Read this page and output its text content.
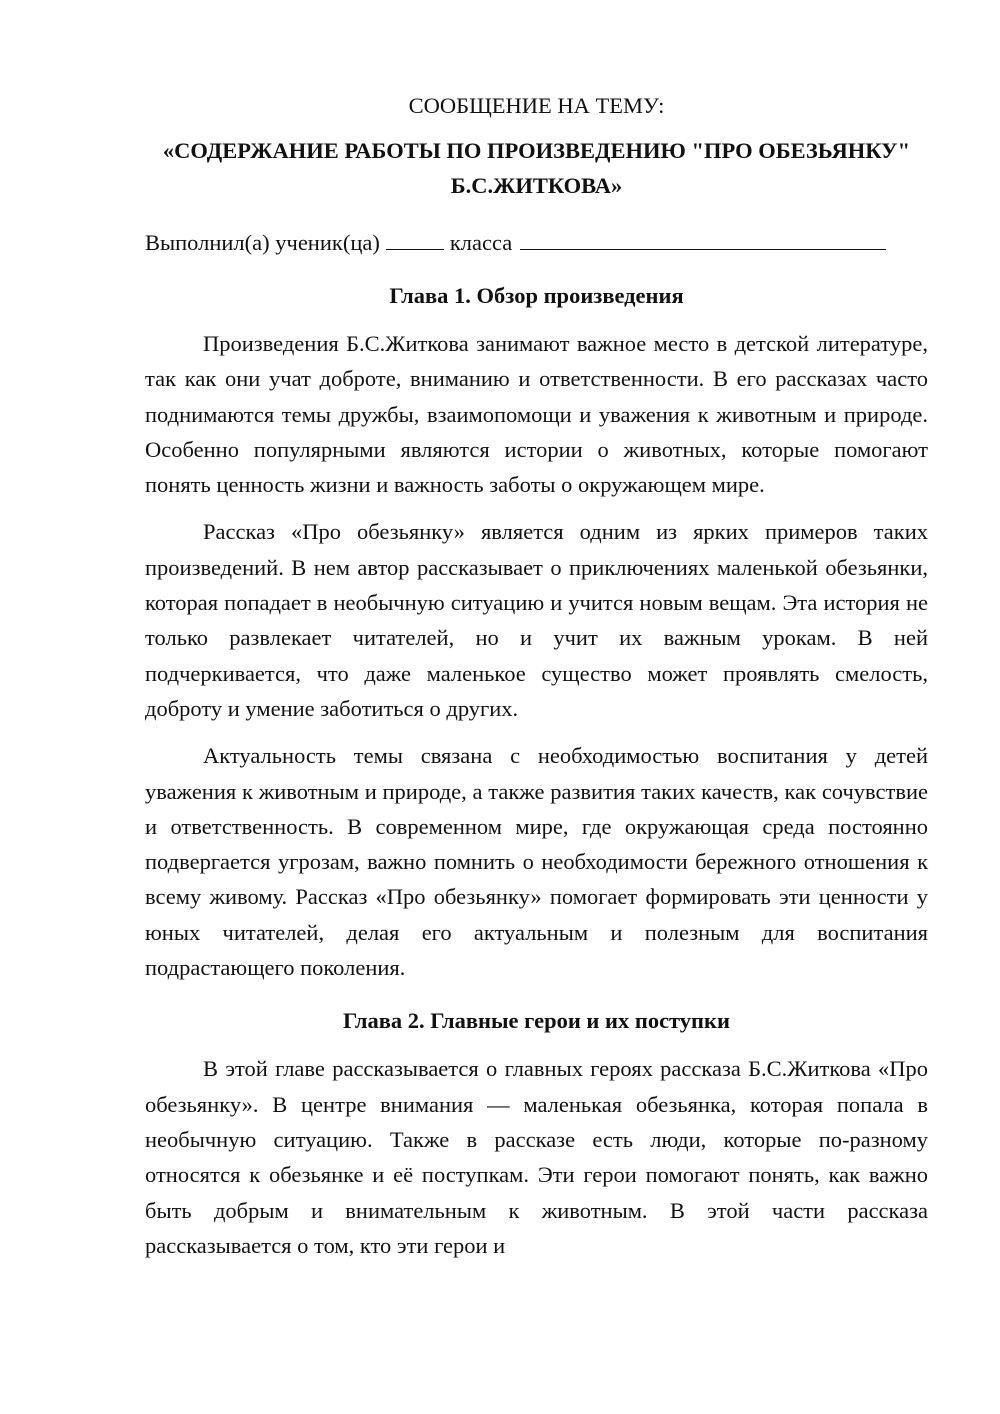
СООБЩЕНИЕ НА ТЕМУ:

«СОДЕРЖАНИЕ РАБОТЫ ПО ПРОИЗВЕДЕНИЮ "ПРО ОБЕЗЬЯНКУ" Б.С.ЖИТКОВА»

Выполнил(а) ученик(ца)	класса

Глава 1. Обзор произведения

Произведения Б.С.Житкова занимают важное место в детской литературе, так как они учат доброте, вниманию и ответственности. В его рассказах часто поднимаются темы дружбы, взаимопомощи и уважения к животным и природе. Особенно популярными являются истории о животных, которые помогают понять ценность жизни и важность заботы о окружающем мире.

Рассказ «Про обезьянку» является одним из ярких примеров таких произведений. В нем автор рассказывает о приключениях маленькой обезьянки, которая попадает в необычную ситуацию и учится новым вещам. Эта история не только развлекает читателей, но и учит их важным урокам. В ней подчеркивается, что даже маленькое существо может проявлять смелость, доброту и умение заботиться о других.

Актуальность темы связана с необходимостью воспитания у детей уважения к животным и природе, а также развития таких качеств, как сочувствие и ответственность. В современном мире, где окружающая среда постоянно подвергается угрозам, важно помнить о необходимости бережного отношения к всему живому. Рассказ «Про обезьянку» помогает формировать эти ценности у юных читателей, делая его актуальным и полезным для воспитания подрастающего поколения.

Глава 2. Главные герои и их поступки

В этой главе рассказывается о главных героях рассказа Б.С.Житкова «Про обезьянку». В центре внимания — маленькая обезьянка, которая попала в необычную ситуацию. Также в рассказе есть люди, которые по-разному относятся к обезьянке и её поступкам. Эти герои помогают понять, как важно быть добрым и внимательным к животным. В этой части рассказа рассказывается о том, кто эти герои и
